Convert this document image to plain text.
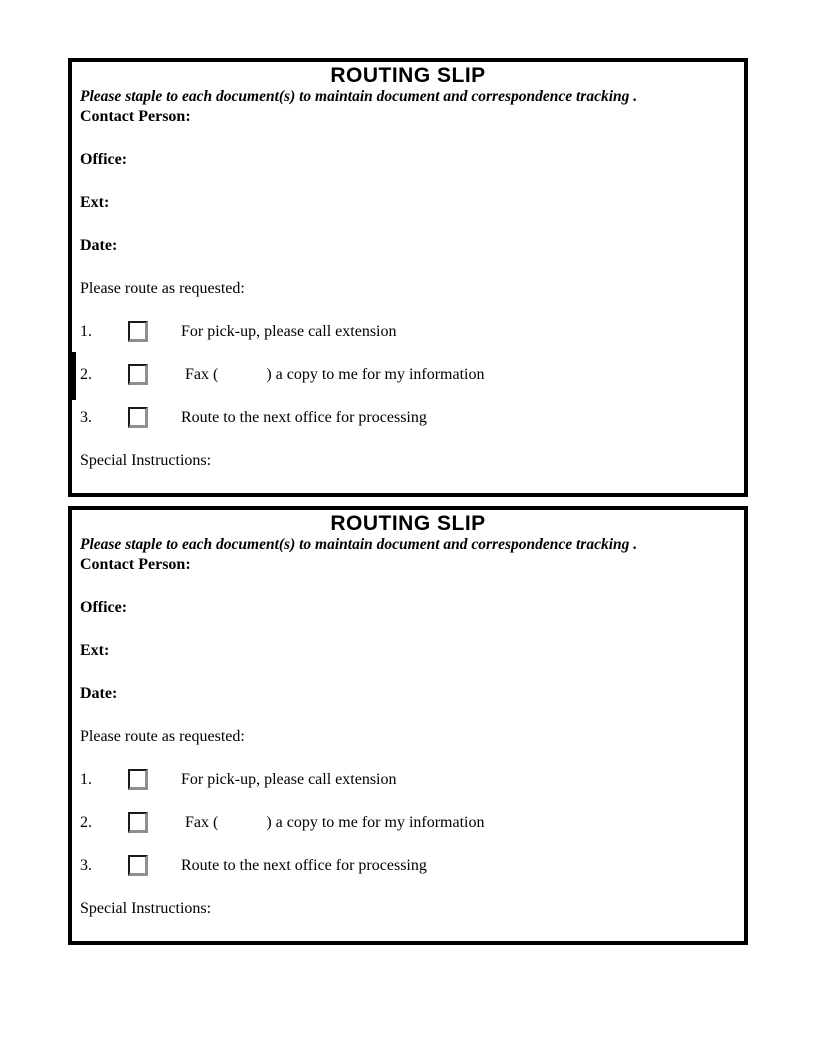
ROUTING SLIP
Please staple to each document(s) to maintain document and correspondence tracking .
Contact Person:
Office:
Ext:
Date:
Please route as requested:
1.	For pick-up, please call extension
2.	Fax (            ) a copy to me for my information
3.	Route to the next office for processing
Special Instructions:
ROUTING SLIP
Please staple to each document(s) to maintain document and correspondence tracking .
Contact Person:
Office:
Ext:
Date:
Please route as requested:
1.	For pick-up, please call extension
2.	Fax (            ) a copy to me for my information
3.	Route to the next office for processing
Special Instructions:
